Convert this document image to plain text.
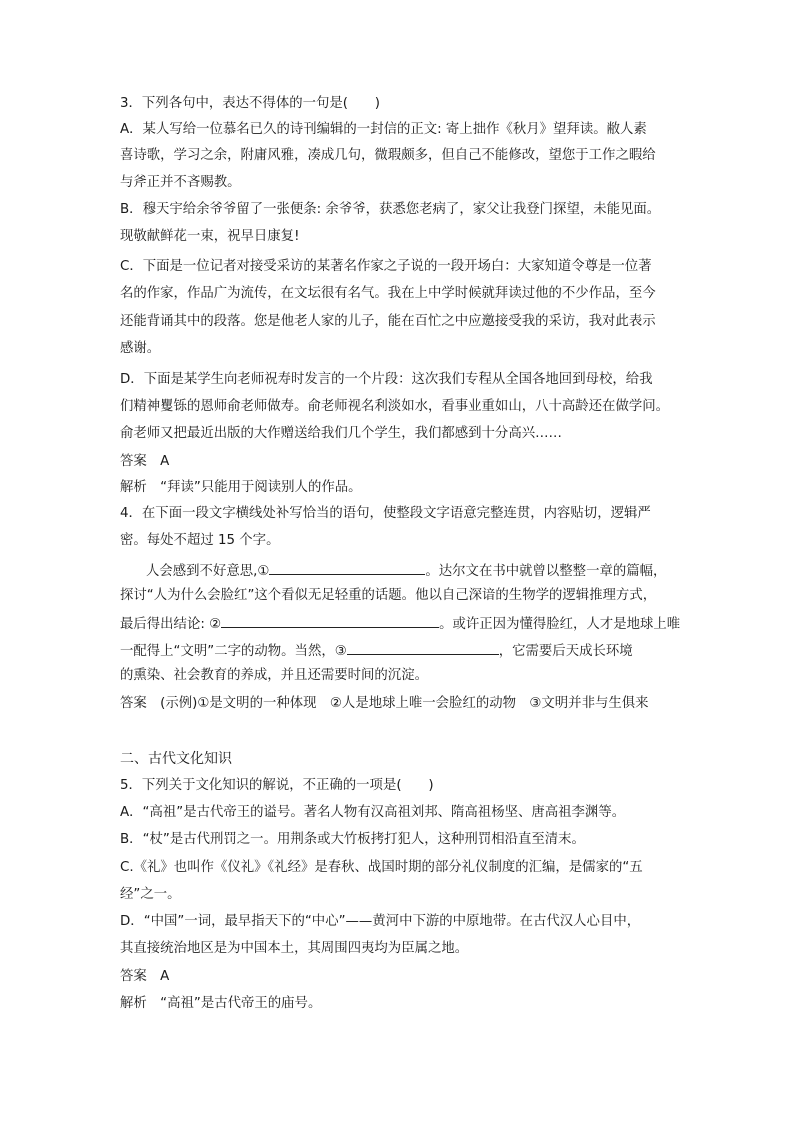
3．下列各句中，表达不得体的一句是(　　)
A．某人写给一位慕名已久的诗刊编辑的一封信的正文: 寄上拙作《秋月》望拜读。敝人素
喜诗歌，学习之余，附庸风雅，凑成几句，微瑕颇多，但自己不能修改，望您于工作之暇给
与斧正并不吝赐教。
B．穆天宇给余爷爷留了一张便条: 余爷爷，获悉您老病了，家父让我登门探望，未能见面。
现敬献鲜花一束，祝早日康复!
C．下面是一位记者对接受采访的某著名作家之子说的一段开场白：大家知道令尊是一位著
名的作家，作品广为流传，在文坛很有名气。我在上中学时候就拜读过他的不少作品，至今
还能背诵其中的段落。您是他老人家的儿子，能在百忙之中应邀接受我的采访，我对此表示
感谢。
D．下面是某学生向老师祝寿时发言的一个片段：这次我们专程从全国各地回到母校，给我
们精神矍铄的恩师俞老师做寿。俞老师视名利淡如水，看事业重如山，八十高龄还在做学问。
俞老师又把最近出版的大作赠送给我们几个学生，我们都感到十分高兴……
答案　A
解析　“拜读”只能用于阅读别人的作品。
4．在下面一段文字横线处补写恰当的语句，使整段文字语意完整连贯，内容贴切，逻辑严
密。每处不超过 15 个字。
人会感到不好意思,①	。达尔文在书中就曾以整整一章的篇幅，
探讨“人为什么会脸红”这个看似无足轻重的话题。他以自己深谙的生物学的逻辑推理方式，
最后得出结论: ②	。或许正因为懂得脸红，人才是地球上唯
一配得上“文明”二字的动物。当然，③	，它需要后天成长环境
的熏染、社会教育的养成，并且还需要时间的沉淀。
答案　(示例)①是文明的一种体现　②人是地球上唯一会脸红的动物　③文明并非与生俱来
二、古代文化知识
5．下列关于文化知识的解说，不正确的一项是(　　)
A．“高祖”是古代帝王的谥号。著名人物有汉高祖刘邦、隋高祖杨坚、唐高祖李渊等。
B．“杖”是古代刑罚之一。用荆条或大竹板拷打犯人，这种刑罚相沿直至清末。
C.《礼》也叫作《仪礼》《礼经》是春秋、战国时期的部分礼仪制度的汇编，是儒家的“五
经”之一。
D．“中国”一词，最早指天下的“中心”——黄河中下游的中原地带。在古代汉人心目中，
其直接统治地区是为中国本土，其周围四夷均为臣属之地。
答案　A
解析　“高祖”是古代帝王的庙号。
